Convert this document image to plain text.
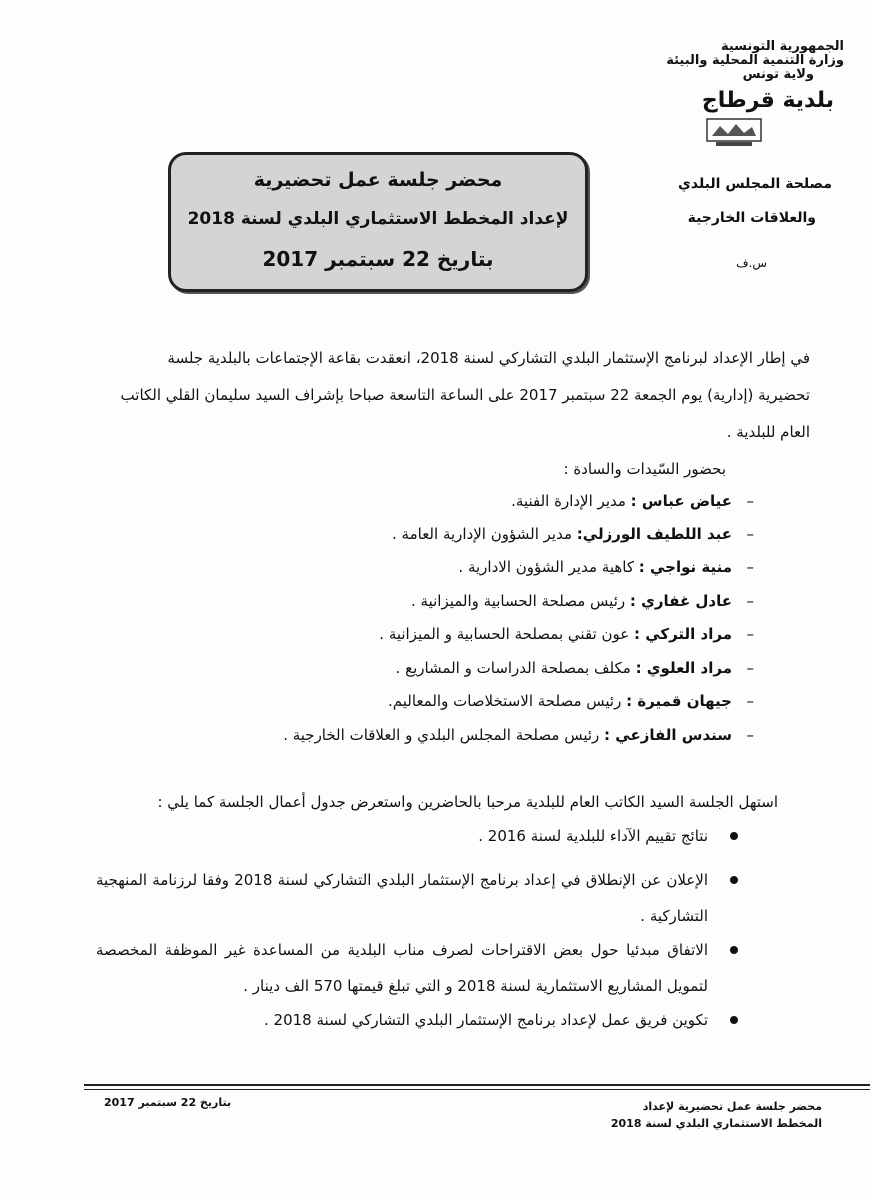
الجمهورية التونسية
وزارة التنمية المحلية والبيئة
ولاية تونس
بلدية قرطاج
مصلحة المجلس البلدي
والعلاقات الخارجية
س.ف
محضر جلسة عمل تحضيرية
لإعداد المخطط الاستثماري البلدي لسنة 2018
بتاريخ 22 سبتمبر 2017
في إطار الإعداد لبرنامج الإستثمار البلدي التشاركي لسنة 2018، انعقدت بقاعة الإجتماعات بالبلدية جلسة
تحضيرية (إدارية) يوم الجمعة 22 سبتمبر 2017 على الساعة التاسعة صباحا بإشراف السيد سليمان القلي الكاتب
العام للبلدية .
بحضور السّيدات والسادة :
–عياض عباس : مدير الإدارة الفنية.
–عبد اللطيف الورزلي: مدير الشؤون الإدارية العامة .
–منية نواجي : كاهية مدير الشؤون الادارية .
–عادل غفاري : رئيس مصلحة الحسابية والميزانية .
–مراد التركي : عون تقني بمصلحة الحسابية و الميزانية .
–مراد العلوي : مكلف بمصلحة الدراسات و المشاريع .
–جيهان قميرة : رئيس مصلحة الاستخلاصات والمعاليم.
–سندس الفازعي : رئيس مصلحة المجلس البلدي و العلاقات الخارجية .
استهل الجلسة السيد الكاتب العام للبلدية مرحبا بالحاضرين واستعرض جدول أعمال الجلسة كما يلي :
نتائج تقييم الآداء للبلدية لسنة 2016 .
الإعلان عن الإنطلاق في إعداد برنامج الإستثمار البلدي التشاركي لسنة 2018 وفقا لرزنامة المنهجية التشاركية .
الاتفاق مبدئيا حول بعض الاقتراحات لصرف مناب البلدية من المساعدة غير الموظفة المخصصة لتمويل المشاريع الاستثمارية لسنة 2018 و التي تبلغ قيمتها 570 الف دينار .
تكوين فريق عمل لإعداد برنامج الإستثمار البلدي التشاركي لسنة 2018 .
بتاريخ 22 سبتمبر 2017	محضر جلسة عمل تحضيرية لإعداد
المخطط الاستثماري البلدي لسنة 2018
